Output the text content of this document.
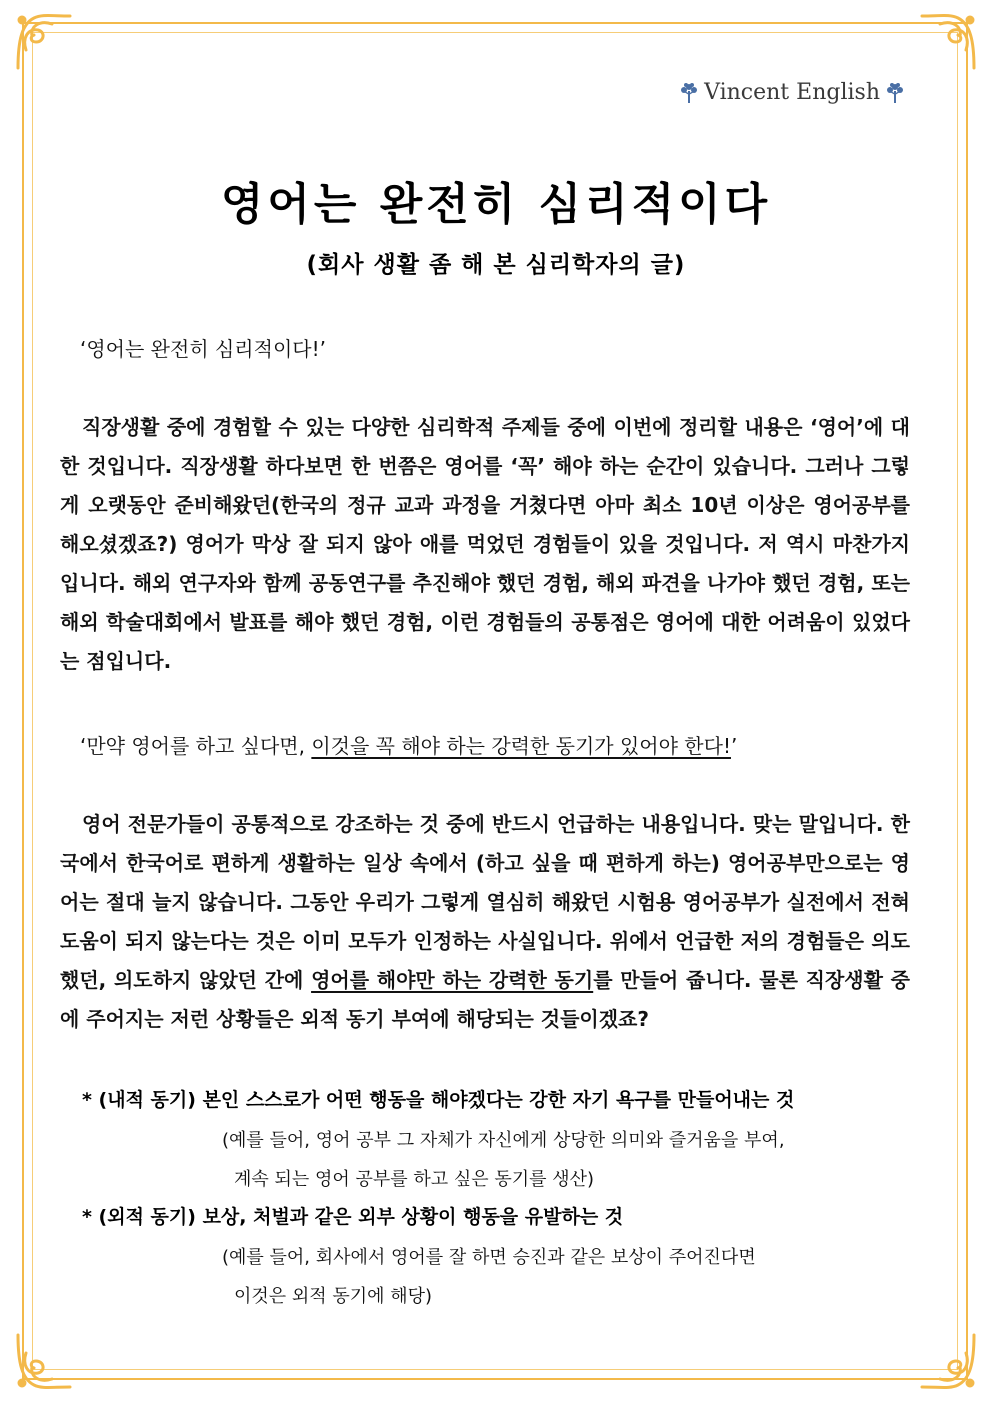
Vincent English
영어는 완전히 심리적이다
(회사 생활 좀 해 본 심리학자의 글)
‘영어는 완전히 심리적이다!’
직장생활 중에 경험할 수 있는 다양한 심리학적 주제들 중에 이번에 정리할 내용은 ‘영어’에 대한 것입니다. 직장생활 하다보면 한 번쯤은 영어를 ‘꼭’ 해야 하는 순간이 있습니다. 그러나 그렇게 오랫동안 준비해왔던(한국의 정규 교과 과정을 거쳤다면 아마 최소 10년 이상은 영어공부를 해오셨겠죠?) 영어가 막상 잘 되지 않아 애를 먹었던 경험들이 있을 것입니다. 저 역시 마찬가지입니다. 해외 연구자와 함께 공동연구를 추진해야 했던 경험, 해외 파견을 나가야 했던 경험, 또는 해외 학술대회에서 발표를 해야 했던 경험, 이런 경험들의 공통점은 영어에 대한 어려움이 있었다는 점입니다.
‘만약 영어를 하고 싶다면, 이것을 꼭 해야 하는 강력한 동기가 있어야 한다!’
영어 전문가들이 공통적으로 강조하는 것 중에 반드시 언급하는 내용입니다. 맞는 말입니다. 한국에서 한국어로 편하게 생활하는 일상 속에서 (하고 싶을 때 편하게 하는) 영어공부만으로는 영어는 절대 늘지 않습니다. 그동안 우리가 그렇게 열심히 해왔던 시험용 영어공부가 실전에서 전혀 도움이 되지 않는다는 것은 이미 모두가 인정하는 사실입니다. 위에서 언급한 저의 경험들은 의도했던, 의도하지 않았던 간에 영어를 해야만 하는 강력한 동기를 만들어 줍니다. 물론 직장생활 중에 주어지는 저런 상황들은 외적 동기 부여에 해당되는 것들이겠죠?
* (내적 동기) 본인 스스로가 어떤 행동을 해야겠다는 강한 자기 욕구를 만들어내는 것
(예를 들어, 영어 공부 그 자체가 자신에게 상당한 의미와 즐거움을 부여,
계속 되는 영어 공부를 하고 싶은 동기를 생산)
* (외적 동기) 보상, 처벌과 같은 외부 상황이 행동을 유발하는 것
(예를 들어, 회사에서 영어를 잘 하면 승진과 같은 보상이 주어진다면
이것은 외적 동기에 해당)
